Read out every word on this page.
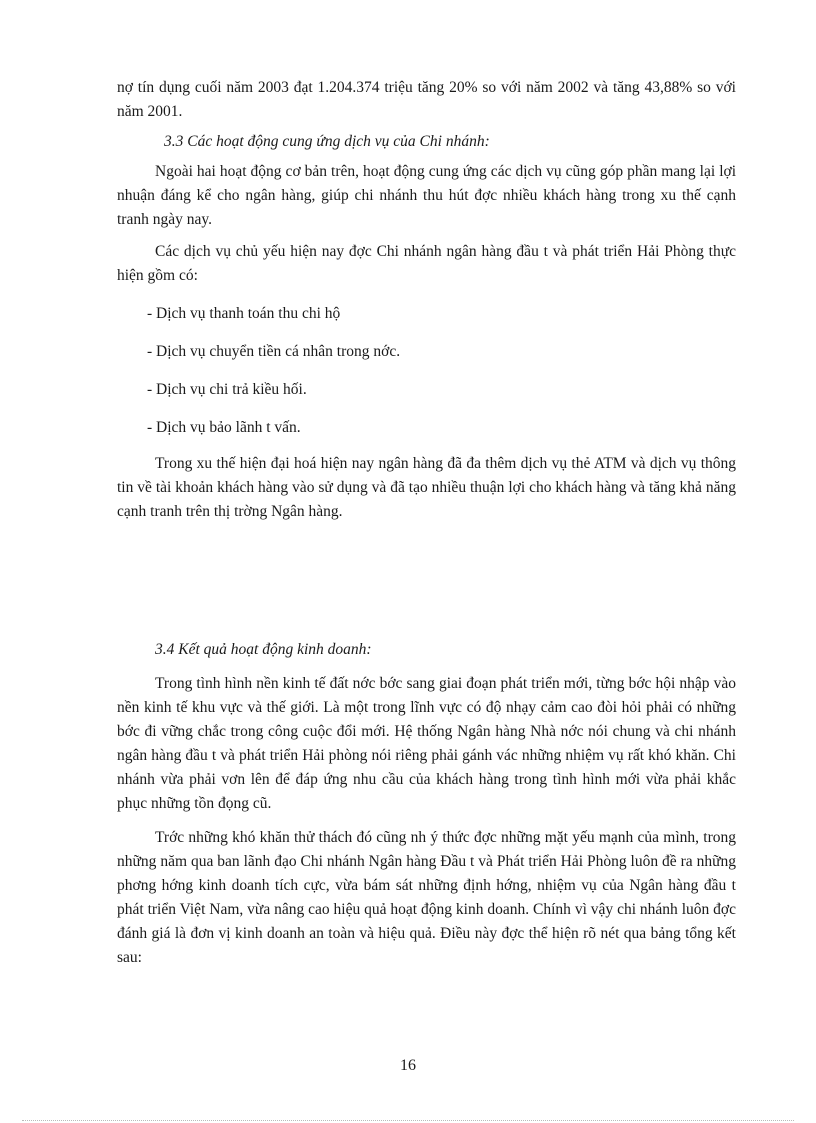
nợ tín dụng cuối năm 2003 đạt 1.204.374 triệu tăng 20% so với năm 2002 và tăng 43,88% so với năm 2001.

3.3 Các hoạt động cung ứng dịch vụ của Chi nhánh:

Ngoài hai hoạt động cơ bản trên, hoạt động cung ứng các dịch vụ cũng góp phần mang lại lợi nhuận đáng kể cho ngân hàng, giúp chi nhánh thu hút đợc nhiều khách hàng trong xu thế cạnh tranh ngày nay.

Các dịch vụ chủ yếu hiện nay đợc Chi nhánh ngân hàng đầu t và phát triển Hải Phòng thực hiện gồm có:

- Dịch vụ thanh toán thu chi hộ

- Dịch vụ chuyển tiền cá nhân trong nớc.

- Dịch vụ chi trả kiều hối.

- Dịch vụ bảo lãnh t vấn.

Trong xu thế hiện đại hoá hiện nay ngân hàng đã đa thêm dịch vụ thẻ ATM và dịch vụ thông tin về tài khoản khách hàng vào sử dụng và đã tạo nhiều thuận lợi cho khách hàng và tăng khả năng cạnh tranh trên thị trờng Ngân hàng.

3.4 Kết quả hoạt động kinh doanh:

Trong tình hình nền kinh tế đất nớc bớc sang giai đoạn phát triển mới, từng bớc hội nhập vào nền kinh tế khu vực và thế giới. Là một trong lĩnh vực có độ nhạy cảm cao đòi hỏi phải có những bớc đi vững chắc trong công cuộc đổi mới. Hệ thống Ngân hàng Nhà nớc nói chung và chi nhánh ngân hàng đầu t và phát triển Hải phòng nói riêng phải gánh vác những nhiệm vụ rất khó khăn. Chi nhánh vừa phải vơn lên để đáp ứng nhu cầu của khách hàng trong tình hình mới vừa phải khắc phục những tồn đọng cũ.

Trớc những khó khăn thử thách đó cũng nh ý thức đợc những mặt yếu mạnh của mình, trong những năm qua ban lãnh đạo Chi nhánh Ngân hàng Đầu t và Phát triển Hải Phòng luôn đề ra những phơng hớng kinh doanh tích cực, vừa bám sát những định hớng, nhiệm vụ của Ngân hàng đầu t phát triển Việt Nam, vừa nâng cao hiệu quả hoạt động kinh doanh. Chính vì vậy chi nhánh luôn đợc đánh giá là đơn vị kinh doanh an toàn và hiệu quả. Điều này đợc thể hiện rõ nét qua bảng tổng kết sau:

16
